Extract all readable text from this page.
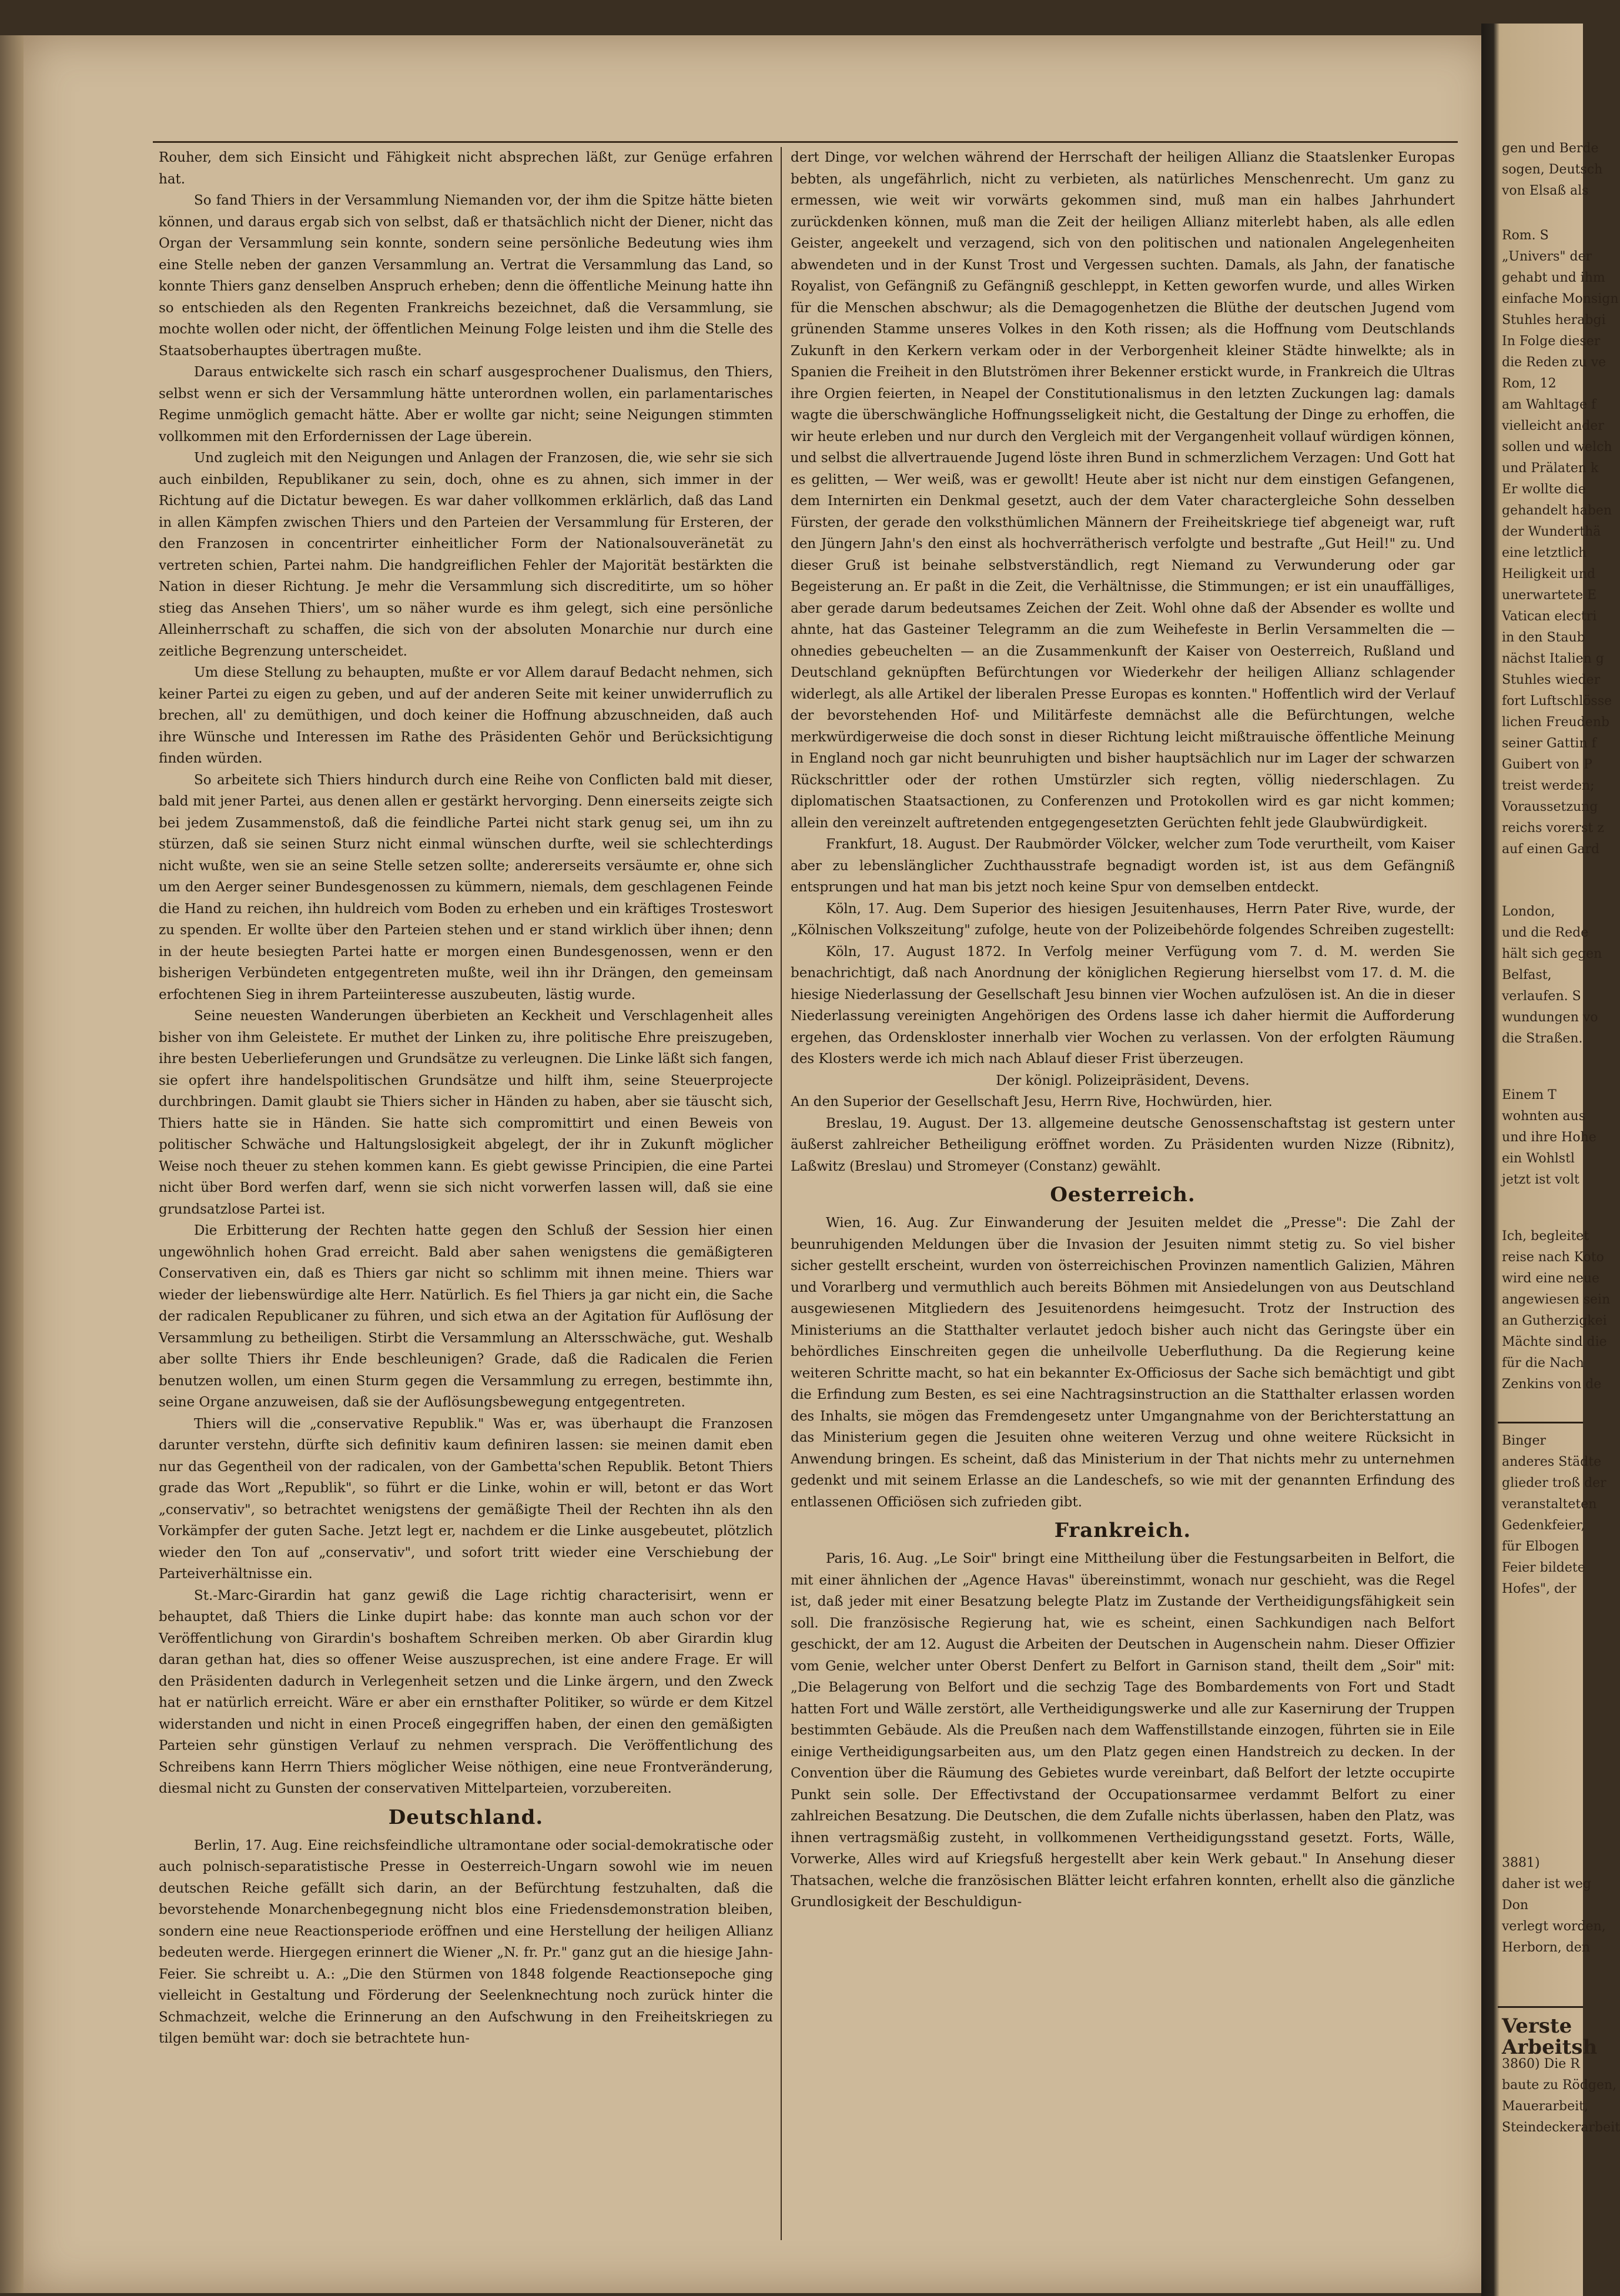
Rouher, dem sich Einsicht und Fähigkeit nicht absprechen läßt, zur Genüge erfahren hat.

So fand Thiers in der Versammlung Niemanden vor, der ihm die Spitze hätte bieten können, und daraus ergab sich von selbst, daß er thatsächlich nicht der Diener, nicht das Organ der Versammlung sein konnte, sondern seine persönliche Bedeutung wies ihm eine Stelle neben der ganzen Versammlung an. Vertrat die Versammlung das Land, so konnte Thiers ganz denselben Anspruch erheben; denn die öffentliche Meinung hatte ihn so entschieden als den Regenten Frankreichs bezeichnet, daß die Versammlung, sie mochte wollen oder nicht, der öffentlichen Meinung Folge leisten und ihm die Stelle des Staatsoberhauptes übertragen mußte.

Daraus entwickelte sich rasch ein scharf ausgesprochener Dualismus, den Thiers, selbst wenn er sich der Versammlung hätte unterordnen wollen, ein parlamentarisches Regime unmöglich gemacht hätte. Aber er wollte gar nicht; seine Neigungen stimmten vollkommen mit den Erfordernissen der Lage überein.

Und zugleich mit den Neigungen und Anlagen der Franzosen, die, wie sehr sie sich auch einbilden, Republikaner zu sein, doch, ohne es zu ahnen, sich immer in der Richtung auf die Dictatur bewegen. Es war daher vollkommen erklärlich, daß das Land in allen Kämpfen zwischen Thiers und den Parteien der Versammlung für Ersteren, der den Franzosen in concentrirter einheitlicher Form der Nationalsouveränetät zu vertreten schien, Partei nahm. Die handgreiflichen Fehler der Majorität bestärkten die Nation in dieser Richtung. Je mehr die Versammlung sich discreditirte, um so höher stieg das Ansehen Thiers', um so näher wurde es ihm gelegt, sich eine persönliche Alleinherrschaft zu schaffen, die sich von der absoluten Monarchie nur durch eine zeitliche Begrenzung unterscheidet.

Um diese Stellung zu behaupten, mußte er vor Allem darauf Bedacht nehmen, sich keiner Partei zu eigen zu geben, und auf der anderen Seite mit keiner unwiderruflich zu brechen, all' zu demüthigen, und doch keiner die Hoffnung abzuschneiden, daß auch ihre Wünsche und Interessen im Rathe des Präsidenten Gehör und Berücksichtigung finden würden.

So arbeitete sich Thiers hindurch durch eine Reihe von Conflicten bald mit dieser, bald mit jener Partei, aus denen allen er gestärkt hervorging. Denn einerseits zeigte sich bei jedem Zusammenstoß, daß die feindliche Partei nicht stark genug sei, um ihn zu stürzen, daß sie seinen Sturz nicht einmal wünschen durfte, weil sie schlechterdings nicht wußte, wen sie an seine Stelle setzen sollte; andererseits versäumte er, ohne sich um den Aerger seiner Bundesgenossen zu kümmern, niemals, dem geschlagenen Feinde die Hand zu reichen, ihn huldreich vom Boden zu erheben und ein kräftiges Trosteswort zu spenden. Er wollte über den Parteien stehen und er stand wirklich über ihnen; denn in der heute besiegten Partei hatte er morgen einen Bundesgenossen, wenn er den bisherigen Verbündeten entgegentreten mußte, weil ihn ihr Drängen, den gemeinsam erfochtenen Sieg in ihrem Parteiinteresse auszubeuten, lästig wurde.

Seine neuesten Wanderungen überbieten an Keckheit und Verschlagenheit alles bisher von ihm Geleistete. Er muthet der Linken zu, ihre politische Ehre preiszugeben, ihre besten Ueberlieferungen und Grundsätze zu verleugnen. Die Linke läßt sich fangen, sie opfert ihre handelspolitischen Grundsätze und hilft ihm, seine Steuerprojecte durchbringen. Damit glaubt sie Thiers sicher in Händen zu haben, aber sie täuscht sich, Thiers hatte sie in Händen. Sie hatte sich compromittirt und einen Beweis von politischer Schwäche und Haltungslosigkeit abgelegt, der ihr in Zukunft möglicher Weise noch theuer zu stehen kommen kann. Es giebt gewisse Principien, die eine Partei nicht über Bord werfen darf, wenn sie sich nicht vorwerfen lassen will, daß sie eine grundsatzlose Partei ist.

Die Erbitterung der Rechten hatte gegen den Schluß der Session hier einen ungewöhnlich hohen Grad erreicht. Bald aber sahen wenigstens die gemäßigteren Conservativen ein, daß es Thiers gar nicht so schlimm mit ihnen meine. Thiers war wieder der liebenswürdige alte Herr. Natürlich. Es fiel Thiers ja gar nicht ein, die Sache der radicalen Republicaner zu führen, und sich etwa an der Agitation für Auflösung der Versammlung zu betheiligen. Stirbt die Versammlung an Altersschwäche, gut. Weshalb aber sollte Thiers ihr Ende beschleunigen? Grade, daß die Radicalen die Ferien benutzen wollen, um einen Sturm gegen die Versammlung zu erregen, bestimmte ihn, seine Organe anzuweisen, daß sie der Auflösungsbewegung entgegentreten.

Thiers will die „conservative Republik." Was er, was überhaupt die Franzosen darunter verstehn, dürfte sich definitiv kaum definiren lassen: sie meinen damit eben nur das Gegentheil von der radicalen, von der Gambetta'schen Republik. Betont Thiers grade das Wort „Republik", so führt er die Linke, wohin er will, betont er das Wort „conservativ", so betrachtet wenigstens der gemäßigte Theil der Rechten ihn als den Vorkämpfer der guten Sache. Jetzt legt er, nachdem er die Linke ausgebeutet, plötzlich wieder den Ton auf „conservativ", und sofort tritt wieder eine Verschiebung der Parteiverhältnisse ein.

St.-Marc-Girardin hat ganz gewiß die Lage richtig characterisirt, wenn er behauptet, daß Thiers die Linke dupirt habe: das konnte man auch schon vor der Veröffentlichung von Girardin's boshaftem Schreiben merken. Ob aber Girardin klug daran gethan hat, dies so offener Weise auszusprechen, ist eine andere Frage. Er will den Präsidenten dadurch in Verlegenheit setzen und die Linke ärgern, und den Zweck hat er natürlich erreicht. Wäre er aber ein ernsthafter Politiker, so würde er dem Kitzel widerstanden und nicht in einen Proceß eingegriffen haben, der einen den gemäßigten Parteien sehr günstigen Verlauf zu nehmen versprach. Die Veröffentlichung des Schreibens kann Herrn Thiers möglicher Weise nöthigen, eine neue Frontveränderung, diesmal nicht zu Gunsten der conservativen Mittelparteien, vorzubereiten.

Deutschland.

Berlin, 17. Aug. Eine reichsfeindliche ultramontane oder social-demokratische oder auch polnisch-separatistische Presse in Oesterreich-Ungarn sowohl wie im neuen deutschen Reiche gefällt sich darin, an der Befürchtung festzuhalten, daß die bevorstehende Monarchenbegegnung nicht blos eine Friedensdemonstration bleiben, sondern eine neue Reactionsperiode eröffnen und eine Herstellung der heiligen Allianz bedeuten werde. Hiergegen erinnert die Wiener „N. fr. Pr." ganz gut an die hiesige Jahn-Feier. Sie schreibt u. A.: „Die den Stürmen von 1848 folgende Reactionsepoche ging vielleicht in Gestaltung und Förderung der Seelenknechtung noch zurück hinter die Schmachzeit, welche die Erinnerung an den Aufschwung in den Freiheitskriegen zu tilgen bemüht war: doch sie betrachtete hun-

dert Dinge, vor welchen während der Herrschaft der heiligen Allianz die Staatslenker Europas bebten, als ungefährlich, nicht zu verbieten, als natürliches Menschenrecht. Um ganz zu ermessen, wie weit wir vorwärts gekommen sind, muß man ein halbes Jahrhundert zurückdenken können, muß man die Zeit der heiligen Allianz miterlebt haben, als alle edlen Geister, angeekelt und verzagend, sich von den politischen und nationalen Angelegenheiten abwendeten und in der Kunst Trost und Vergessen suchten. Damals, als Jahn, der fanatische Royalist, von Gefängniß zu Gefängniß geschleppt, in Ketten geworfen wurde, und alles Wirken für die Menschen abschwur; als die Demagogenhetzen die Blüthe der deutschen Jugend vom grünenden Stamme unseres Volkes in den Koth rissen; als die Hoffnung vom Deutschlands Zukunft in den Kerkern verkam oder in der Verborgenheit kleiner Städte hinwelkte; als in Spanien die Freiheit in den Blutströmen ihrer Bekenner erstickt wurde, in Frankreich die Ultras ihre Orgien feierten, in Neapel der Constitutionalismus in den letzten Zuckungen lag: damals wagte die überschwängliche Hoffnungsseligkeit nicht, die Gestaltung der Dinge zu erhoffen, die wir heute erleben und nur durch den Vergleich mit der Vergangenheit vollauf würdigen können, und selbst die allvertrauende Jugend löste ihren Bund in schmerzlichem Verzagen: Und Gott hat es gelitten, — Wer weiß, was er gewollt! Heute aber ist nicht nur dem einstigen Gefangenen, dem Internirten ein Denkmal gesetzt, auch der dem Vater characterglеiche Sohn desselben Fürsten, der gerade den volksthümlichen Männern der Freiheitskriege tief abgeneigt war, ruft den Jüngern Jahn's den einst als hochverrätherisch verfolgte und bestrafte „Gut Heil!" zu. Und dieser Gruß ist beinahe selbstverständlich, regt Niemand zu Verwunderung oder gar Begeisterung an. Er paßt in die Zeit, die Verhältnisse, die Stimmungen; er ist ein unauffälliges, aber gerade darum bedeutsames Zeichen der Zeit. Wohl ohne daß der Absender es wollte und ahnte, hat das Gasteiner Telegramm an die zum Weihefeste in Berlin Versammelten die — ohnedies gebeuchelten — an die Zusammenkunft der Kaiser von Oesterreich, Rußland und Deutschland geknüpften Befürchtungen vor Wiederkehr der heiligen Allianz schlagender widerlegt, als alle Artikel der liberalen Presse Europas es konnten." Hoffentlich wird der Verlauf der bevorstehenden Hof- und Militärfeste demnächst alle die Befürchtungen, welche merkwürdigerweise die doch sonst in dieser Richtung leicht mißtrauische öffentliche Meinung in England noch gar nicht beunruhigten und bisher hauptsächlich nur im Lager der schwarzen Rückschrittler oder der rothen Umstürzler sich regten, völlig niederschlagen. Zu diplomatischen Staatsactionen, zu Conferenzen und Protokollen wird es gar nicht kommen; allein den vereinzelt auftretenden entgegengesetzten Gerüchten fehlt jede Glaubwürdigkeit.

Frankfurt, 18. August. Der Raubmörder Völcker, welcher zum Tode verurtheilt, vom Kaiser aber zu lebenslänglicher Zuchthausstrafe begnadigt worden ist, ist aus dem Gefängniß entsprungen und hat man bis jetzt noch keine Spur von demselben entdeckt.

Köln, 17. Aug. Dem Superior des hiesigen Jesuitenhauses, Herrn Pater Rive, wurde, der „Kölnischen Volkszeitung" zufolge, heute von der Polizeibehörde folgendes Schreiben zugestellt:

Köln, 17. August 1872. In Verfolg meiner Verfügung vom 7. d. M. werden Sie benachrichtigt, daß nach Anordnung der königlichen Regierung hierselbst vom 17. d. M. die hiesige Niederlassung der Gesellschaft Jesu binnen vier Wochen aufzulösen ist. An die in dieser Niederlassung vereinigten Angehörigen des Ordens lasse ich daher hiermit die Aufforderung ergehen, das Ordenskloster innerhalb vier Wochen zu verlassen. Von der erfolgten Räumung des Klosters werde ich mich nach Ablauf dieser Frist überzeugen.

Der königl. Polizeipräsident, Devens.

An den Superior der Gesellschaft Jesu, Herrn Rive, Hochwürden, hier.

Breslau, 19. August. Der 13. allgemeine deutsche Genossenschaftstag ist gestern unter äußerst zahlreicher Betheiligung eröffnet worden. Zu Präsidenten wurden Nizze (Ribnitz), Laßwitz (Breslau) und Stromeyer (Constanz) gewählt.

Oesterreich.

Wien, 16. Aug. Zur Einwanderung der Jesuiten meldet die „Presse": Die Zahl der beunruhigenden Meldungen über die Invasion der Jesuiten nimmt stetig zu. So viel bisher sicher gestellt erscheint, wurden von österreichischen Provinzen namentlich Galizien, Mähren und Vorarlberg und vermuthlich auch bereits Böhmen mit Ansiedelungen von aus Deutschland ausgewiesenen Mitgliedern des Jesuitenordens heimgesucht. Trotz der Instruction des Ministeriums an die Statthalter verlautet jedoch bisher auch nicht das Geringste über ein behördliches Einschreiten gegen die unheilvolle Ueberfluthung. Da die Regierung keine weiteren Schritte macht, so hat ein bekannter Ex-Officiosus der Sache sich bemächtigt und gibt die Erfindung zum Besten, es sei eine Nachtragsinstruction an die Statthalter erlassen worden des Inhalts, sie mögen das Fremdengesetz unter Umgangnahme von der Berichterstattung an das Ministerium gegen die Jesuiten ohne weiteren Verzug und ohne weitere Rücksicht in Anwendung bringen. Es scheint, daß das Ministerium in der That nichts mehr zu unternehmen gedenkt und mit seinem Erlasse an die Landeschefs, so wie mit der genannten Erfindung des entlassenen Officiösen sich zufrieden gibt.

Frankreich.

Paris, 16. Aug. „Le Soir" bringt eine Mittheilung über die Festungsarbeiten in Belfort, die mit einer ähnlichen der „Agence Havas" übereinstimmt, wonach nur geschieht, was die Regel ist, daß jeder mit einer Besatzung belegte Platz im Zustande der Vertheidigungsfähigkeit sein soll. Die französische Regierung hat, wie es scheint, einen Sachkundigen nach Belfort geschickt, der am 12. August die Arbeiten der Deutschen in Augenschein nahm. Dieser Offizier vom Genie, welcher unter Oberst Denfert zu Belfort in Garnison stand, theilt dem „Soir" mit: „Die Belagerung von Belfort und die sechzig Tage des Bombardements von Fort und Stadt hatten Fort und Wälle zerstört, alle Vertheidigungswerke und alle zur Kasernirung der Truppen bestimmten Gebäude. Als die Preußen nach dem Waffenstillstande einzogen, führten sie in Eile einige Vertheidigungsarbeiten aus, um den Platz gegen einen Handstreich zu decken. In der Convention über die Räumung des Gebietes wurde vereinbart, daß Belfort der letzte occupirte Punkt sein solle. Der Effectivstand der Occupationsarmee verdammt Belfort zu einer zahlreichen Besatzung. Die Deutschen, die dem Zufalle nichts überlassen, haben den Platz, was ihnen vertragsmäßig zusteht, in vollkommenen Vertheidigungsstand gesetzt. Forts, Wälle, Vorwerke, Alles wird auf Kriegsfuß hergestellt aber kein Werk gebaut." In Ansehung dieser Thatsachen, welche die französischen Blätter leicht erfahren konnten, erhellt also die gänzliche Grundlosigkeit der Beschuldigun-

gen und Berde
sogen, Deutsch
von Elsaß als
Rom. S
„Univers" der
gehabt und ihm
einfache Monsign
Stuhles herabgi
In Folge dieser
die Reden zu ve
Rom, 12
am Wahltage f
vielleicht ander
sollen und welch
und Prälaten k
Er wollte die
gehandelt haben
der Wunderthä
eine letztlich
Heiligkeit und
unerwartete E
Vatican electri
in den Staub
nächst Italien g
Stuhles wieder
fort Luftschlösse
lichen Freudenb
seiner Gattin f
Guibert von P
treist werden;
Voraussetzung
reichs vorerst z
auf einen Gard
London,
und die Rede
hält sich gegen
Belfast,
verlaufen. S
wundungen vo
die Straßen.
Einem T
wohnten aus
und ihre Hohe
ein Wohlstl
jetzt ist volt
Ich, begleitet
reise nach Koto
wird eine neue
angewiesen sein
an Gutherzigkei
Mächte sind die
für die Nach
Zenkins von de
Binger
anderes Städte
glieder troß der
veranstalteten
Gedenkfeier,
für Elbogen
Feier bildete
Hofes", der
3881)
daher ist weg
Don
verlegt worden,
Herborn, den
Verste
Arbeitsh
3860) Die R
baute zu Rödgen,
Mauerarbeit,
Steindeckerarbeit
